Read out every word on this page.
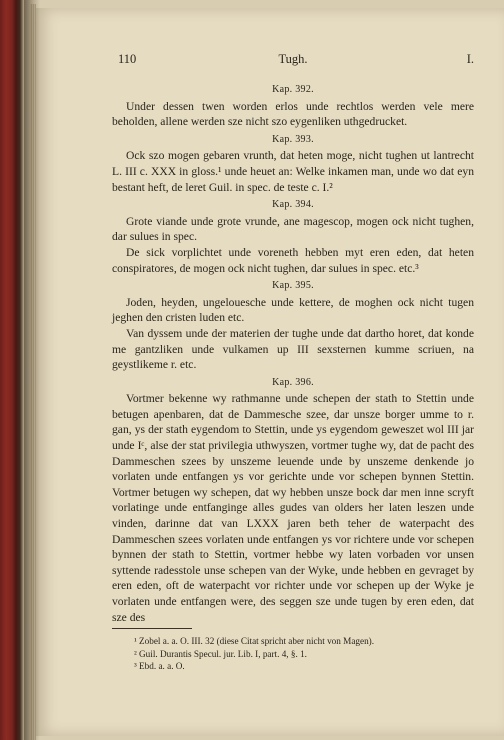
110	Tugh.	I.
Kap. 392.

Under dessen twen worden erlos unde rechtlos werden vele mere beholden, allene werden sze nicht szo eygenliken uthgedrucket.

Kap. 393.

Ock szo mogen gebaren vrunth, dat heten moge, nicht tughen ut lantrecht L. III c. XXX in gloss.¹ unde heuet an: Welke inkamen man, unde wo dat eyn bestant heft, de leret Guil. in spec. de teste c. I.²

Kap. 394.

Grote viande unde grote vrunde, ane magescop, mogen ock nicht tughen, dar sulues in spec.

De sick vorplichtet unde voreneth hebben myt eren eden, dat heten conspiratores, de mogen ock nicht tughen, dar sulues in spec. etc.³

Kap. 395.

Joden, heyden, ungelouesche unde kettere, de moghen ock nicht tugen jeghen den cristen luden etc.

Van dyssem unde der materien der tughe unde dat dartho horet, dat konde me gantzliken unde vulkamen up III sexsternen kumme scriuen, na geystlikeme r. etc.

Kap. 396.

Vortmer bekenne wy rathmanne unde schepen der stath to Stettin unde betugen apenbaren, dat de Dammesche szee, dar unsze borger umme to r. gan, ys der stath eygendom to Stettin, unde ys eygendom geweszet wol III jar unde Iᶜ, alse der stat privilegia uthwyszen, vortmer tughe wy, dat de pacht des Dammeschen szees by unszeme leuende unde by unszeme denkende jo vorlaten unde entfangen ys vor gerichte unde vor schepen bynnen Stettin. Vortmer betugen wy schepen, dat wy hebben unsze bock dar men inne scryft vorlatinge unde entfanginge alles gudes van olders her laten leszen unde vinden, darinne dat van LXXX jaren beth teher de waterpacht des Dammeschen szees vorlaten unde entfangen ys vor richtere unde vor schepen bynnen der stath to Stettin, vortmer hebbe wy laten vorbaden vor unsen syttende radesstole unse schepen van der Wyke, unde hebben en gevraget by eren eden, oft de waterpacht vor richter unde vor schepen up der Wyke je vorlaten unde entfangen were, des seggen sze unde tugen by eren eden, dat sze des

¹ Zobel a. a. O. III. 32 (diese Citat spricht aber nicht von Magen).
² Guil. Durantis Specul. jur. Lib. I, part. 4, §. 1.
³ Ebd. a. a. O.
